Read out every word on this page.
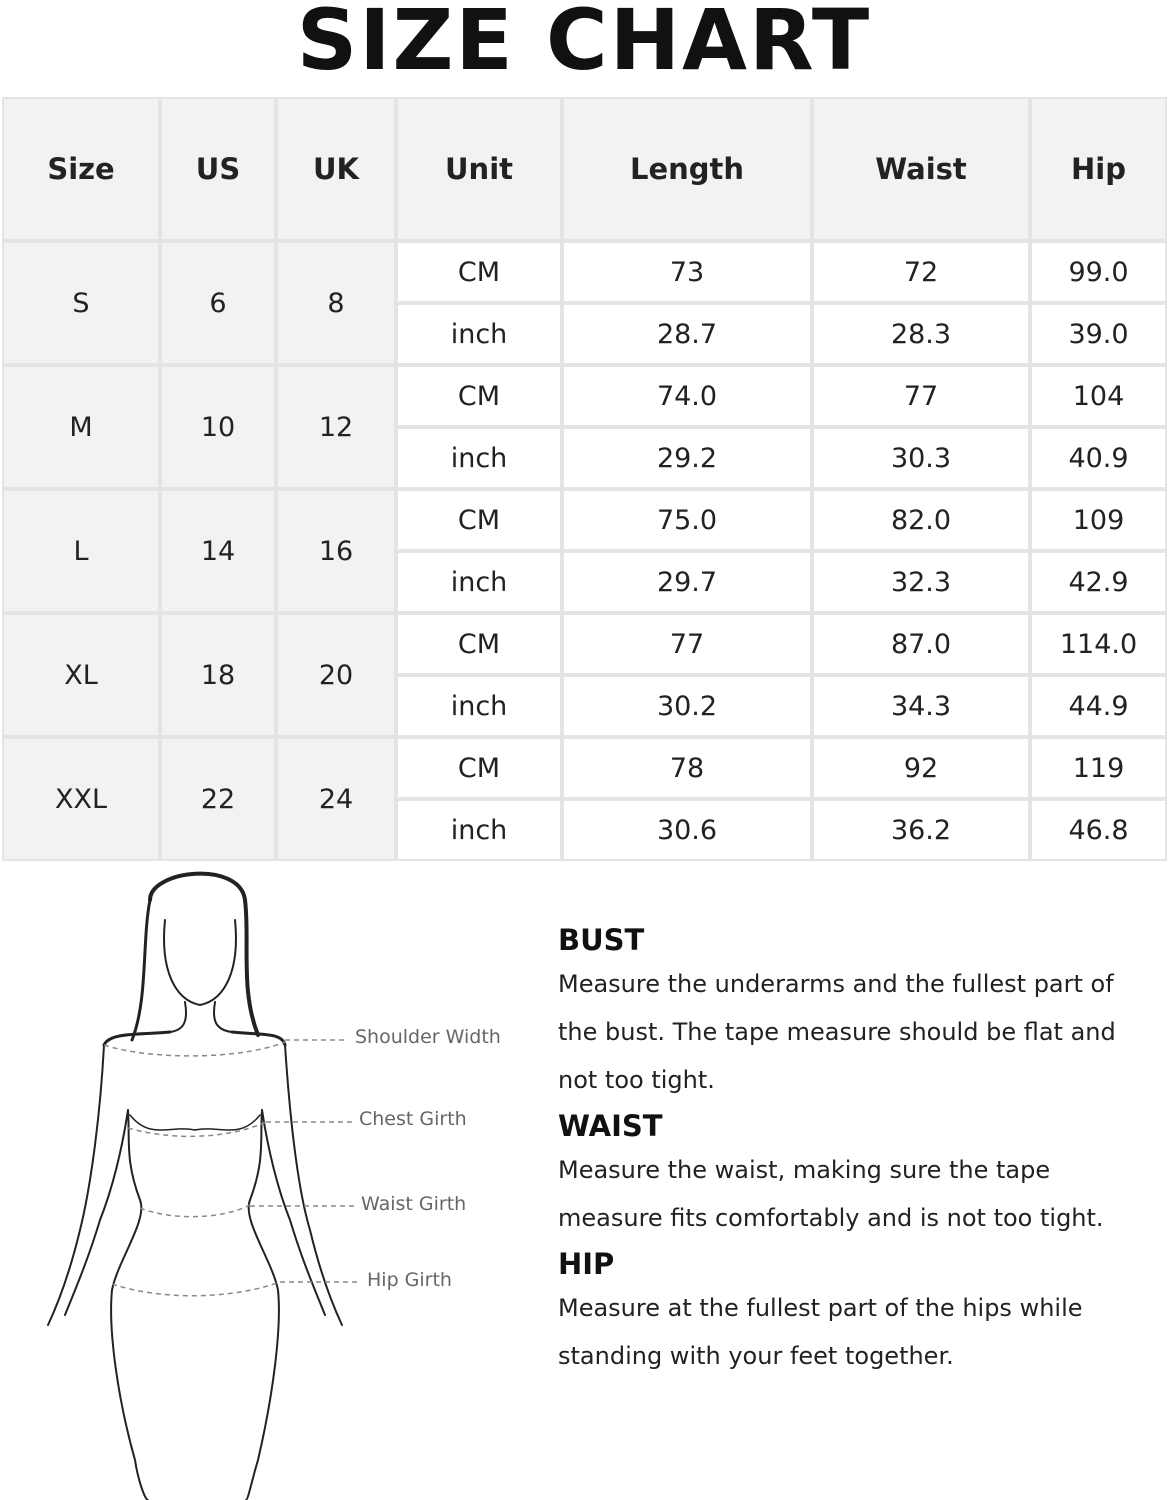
SIZE CHART
Size	US	UK	Unit	Length	Waist	Hip
S	6	8	CM	73	72	99.0
			inch	28.7	28.3	39.0
M	10	12	CM	74.0	77	104
			inch	29.2	30.3	40.9
L	14	16	CM	75.0	82.0	109
			inch	29.7	32.3	42.9
XL	18	20	CM	77	87.0	114.0
			inch	30.2	34.3	44.9
XXL	22	24	CM	78	92	119
			inch	30.6	36.2	46.8
Shoulder Width
Chest Girth
Waist Girth
Hip Girth
BUST

Measure the underarms and the fullest part of the bust. The tape measure should be flat and not too tight.

WAIST

Measure the waist, making sure the tape measure fits comfortably and is not too tight.

HIP

Measure at the fullest part of the hips while standing with your feet together.
